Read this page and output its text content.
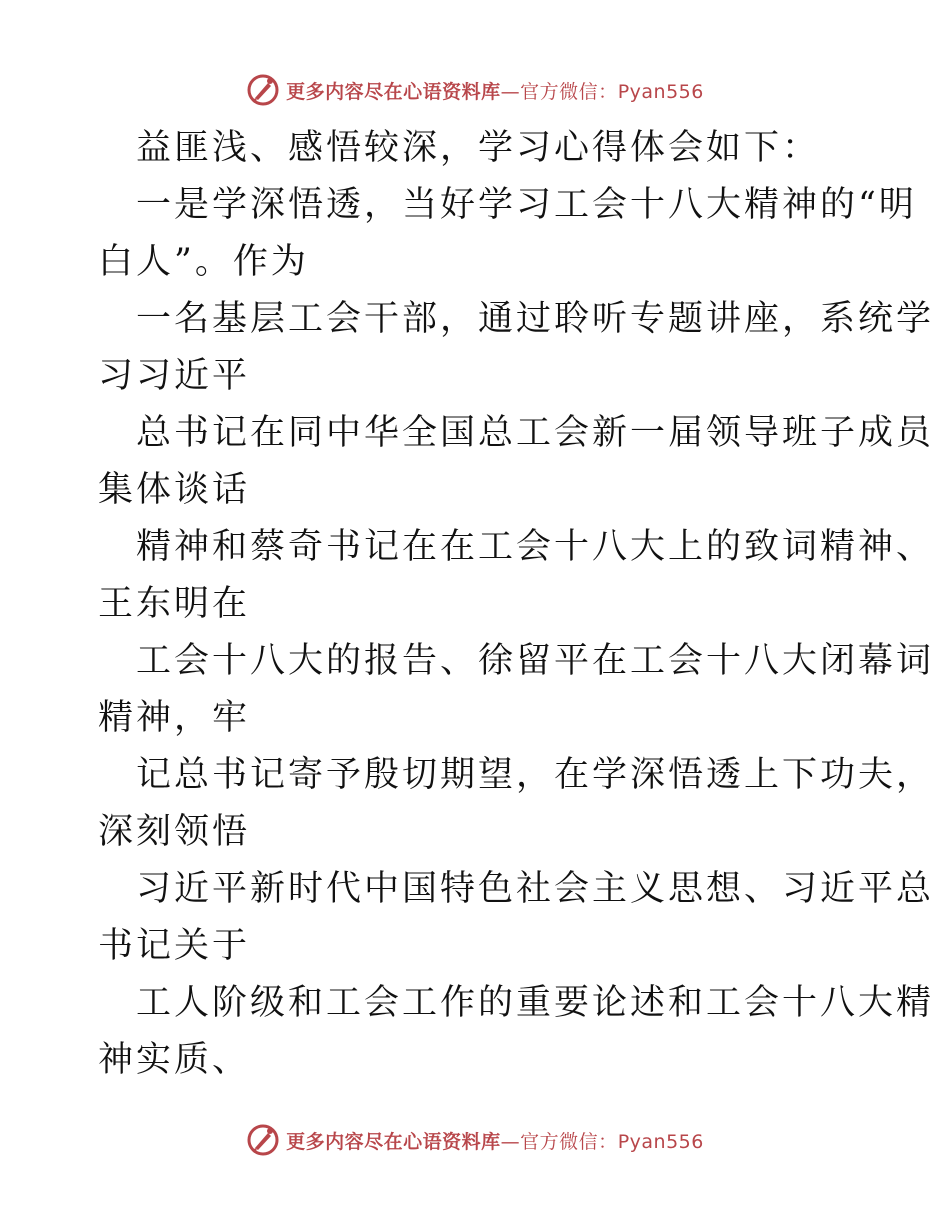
更多内容尽在心语资料库—官方微信：Pyan556
益匪浅、感悟较深，学习心得体会如下：
一是学深悟透，当好学习工会十八大精神的“明
白人”。作为
一名基层工会干部，通过聆听专题讲座，系统学
习习近平
总书记在同中华全国总工会新一届领导班子成员
集体谈话
精神和蔡奇书记在在工会十八大上的致词精神、
王东明在
工会十八大的报告、徐留平在工会十八大闭幕词
精神，牢
记总书记寄予殷切期望，在学深悟透上下功夫，
深刻领悟
习近平新时代中国特色社会主义思想、习近平总
书记关于
工人阶级和工会工作的重要论述和工会十八大精
神实质、
更多内容尽在心语资料库—官方微信：Pyan556
